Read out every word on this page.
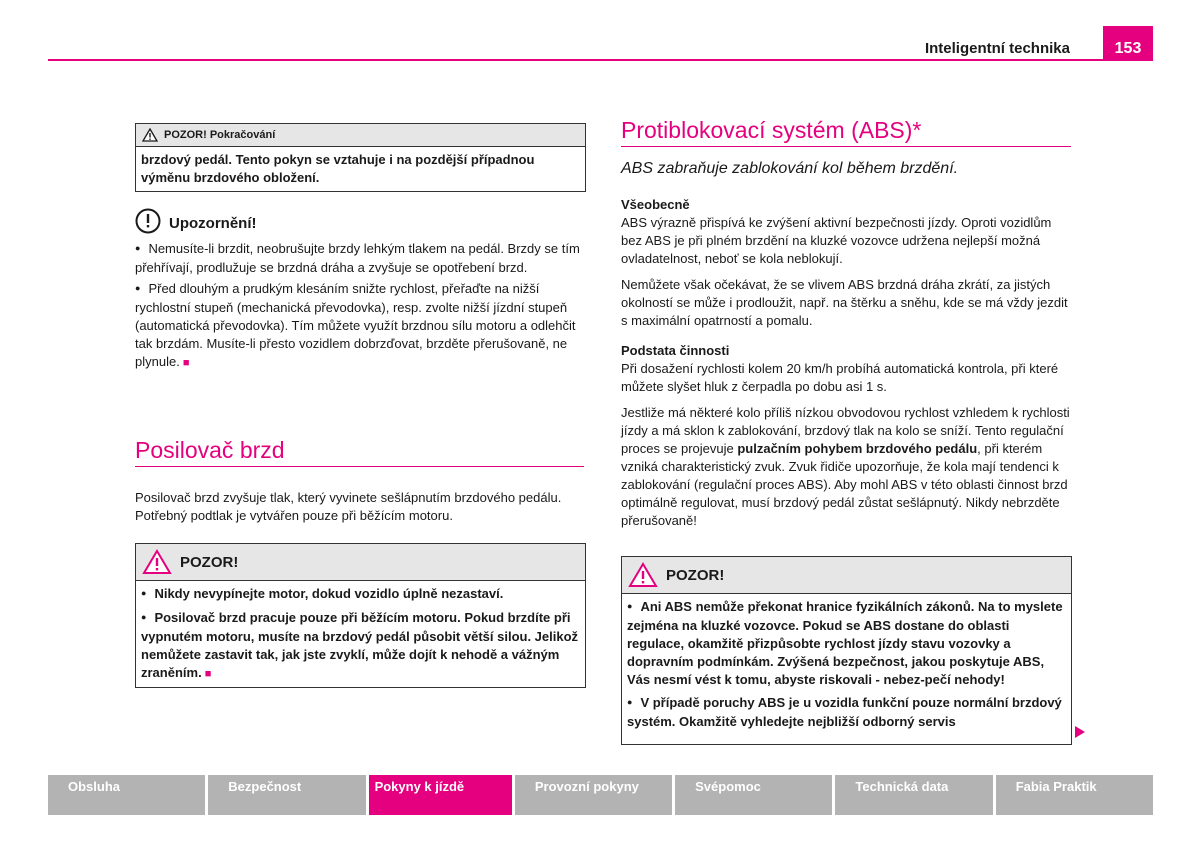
Inteligentní technika	153
POZOR! Pokračování
brzdový pedál. Tento pokyn se vztahuje i na pozdější případnou výměnu brzdového obložení.
Upozornění!

● Nemusíte-li brzdit, neobrušujte brzdy lehkým tlakem na pedál. Brzdy se tím přehřívají, prodlužuje se brzdná dráha a zvyšuje se opotřebení brzd.

● Před dlouhým a prudkým klesáním snižte rychlost, přeřaďte na nižší rychlostní stupeň (mechanická převodovka), resp. zvolte nižší jízdní stupeň (automatická převodovka). Tím můžete využít brzdnou sílu motoru a odlehčit tak brzdám. Musíte-li přesto vozidlem dobrzďovat, brzděte přerušovaně, ne plynule. ■

Posilovač brzd
Posilovač brzd zvyšuje tlak, který vyvinete sešlápnutím brzdového pedálu. Potřebný podtlak je vytvářen pouze při běžícím motoru.
POZOR!

● Nikdy nevypínejte motor, dokud vozidlo úplně nezastaví.

● Posilovač brzd pracuje pouze při běžícím motoru. Pokud brzdíte při vypnutém motoru, musíte na brzdový pedál působit větší silou. Jelikož nemůžete zastavit tak, jak jste zvyklí, může dojít k nehodě a vážným zraněním. ■

Protiblokovací systém (ABS)*
ABS zabraňuje zablokování kol během brzdění.

Všeobecně

ABS výrazně přispívá ke zvýšení aktivní bezpečnosti jízdy. Oproti vozidlům bez ABS je při plném brzdění na kluzké vozovce udržena nejlepší možná ovladatelnost, neboť se kola neblokují.

Nemůžete však očekávat, že se vlivem ABS brzdná dráha zkrátí, za jistých okolností se může i prodloužit, např. na štěrku a sněhu, kde se má vždy jezdit s maximální opatrností a pomalu.

Podstata činnosti

Při dosažení rychlosti kolem 20 km/h probíhá automatická kontrola, při které můžete slyšet hluk z čerpadla po dobu asi 1 s.

Jestliže má některé kolo příliš nízkou obvodovou rychlost vzhledem k rychlosti jízdy a má sklon k zablokování, brzdový tlak na kolo se sníží. Tento regulační proces se projevuje pulzačním pohybem brzdového pedálu, při kterém vzniká charakteristický zvuk. Zvuk řidiče upozorňuje, že kola mají tendenci k zablokování (regulační proces ABS). Aby mohl ABS v této oblasti činnost brzd optimálně regulovat, musí brzdový pedál zůstat sešlápnutý. Nikdy nebrzděte přerušovaně!

POZOR!

● Ani ABS nemůže překonat hranice fyzikálních zákonů. Na to myslete zejména na kluzké vozovce. Pokud se ABS dostane do oblasti regulace, okamžitě přizpůsobte rychlost jízdy stavu vozovky a dopravním podmínkám. Zvýšená bezpečnost, jakou poskytuje ABS, Vás nesmí vést k tomu, abyste riskovali - nebez-pečí nehody!

● V případě poruchy ABS je u vozidla funkční pouze normální brzdový systém. Okamžitě vyhledejte nejbližší odborný servis

Obsluha	Bezpečnost	Pokyny k jízdě	Provozní pokyny	Svépomoc	Technická data	Fabia Praktik
